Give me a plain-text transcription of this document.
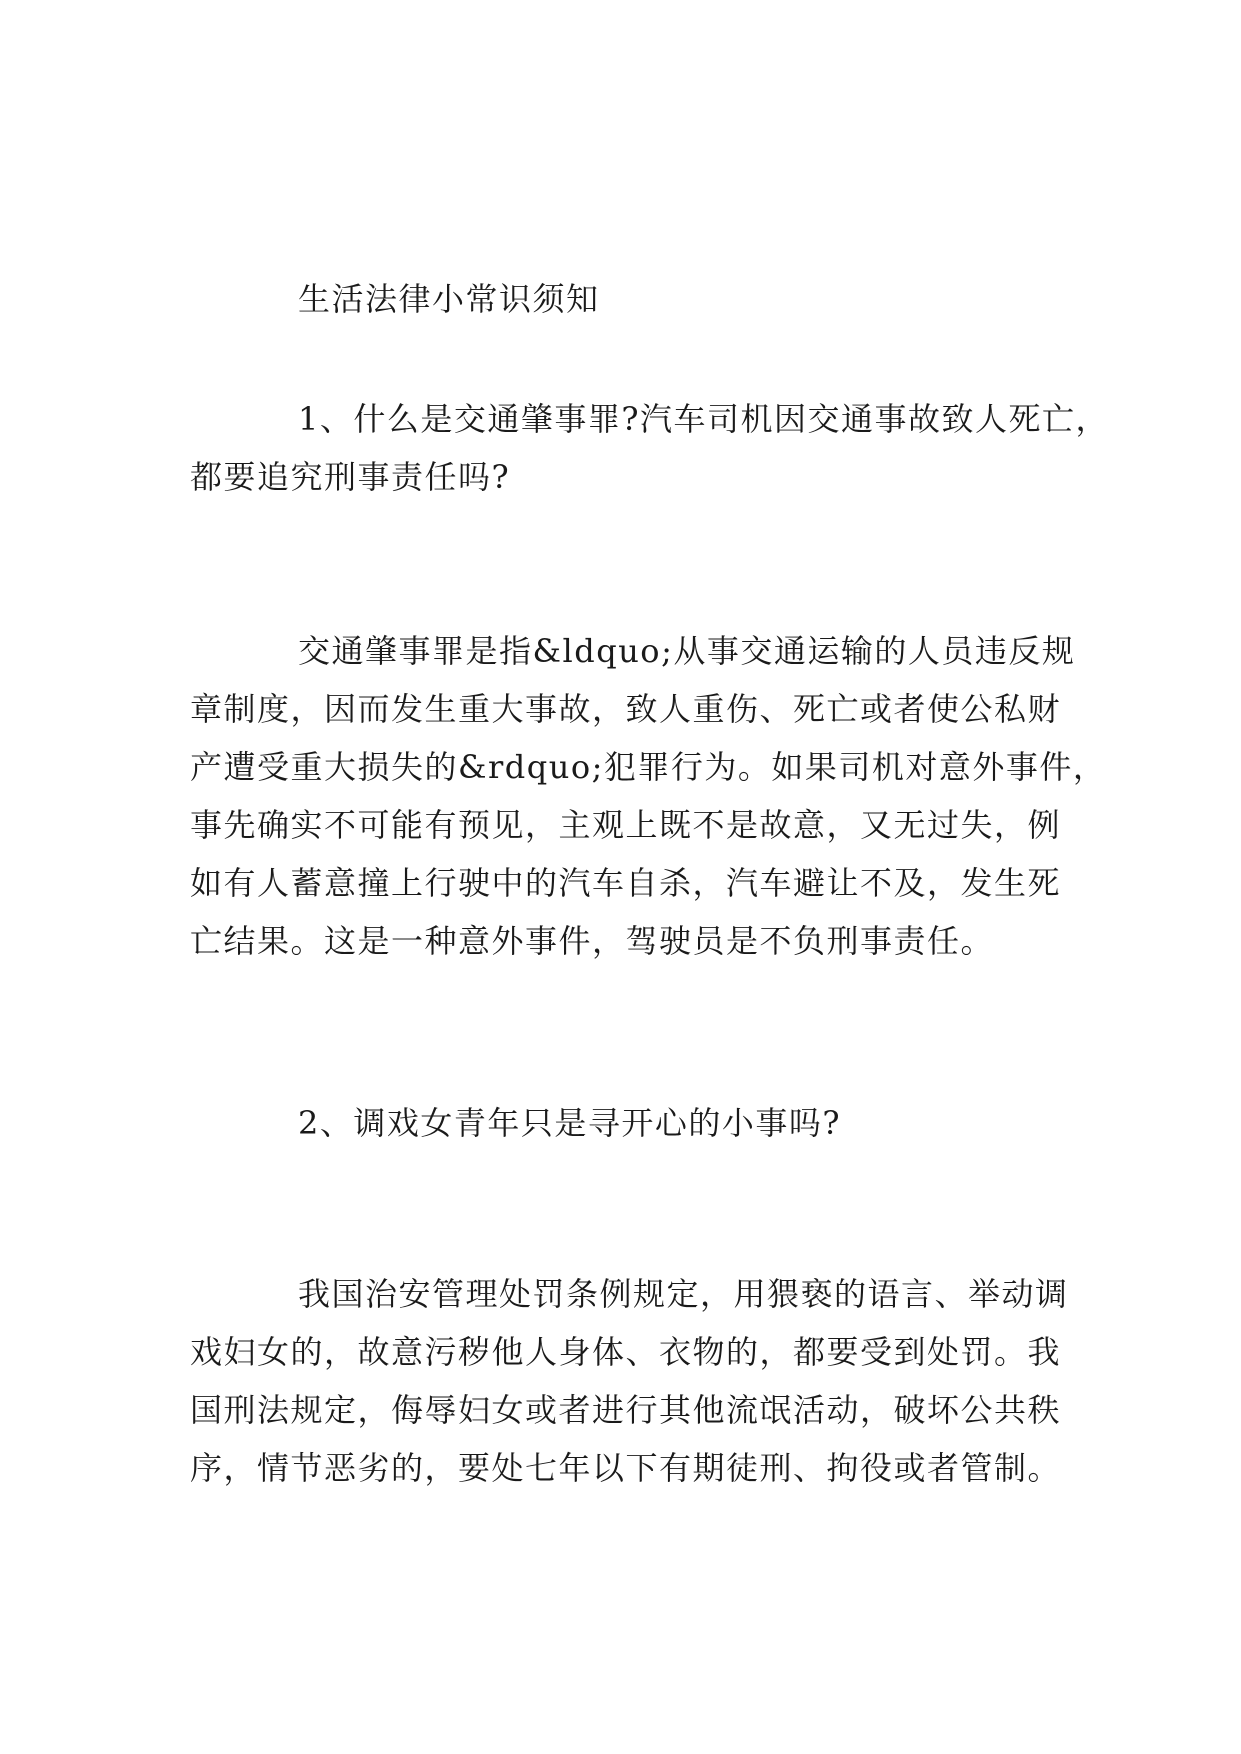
生活法律小常识须知

1、什么是交通肇事罪?汽车司机因交通事故致人死亡，
都要追究刑事责任吗?

交通肇事罪是指&ldquo;从事交通运输的人员违反规
章制度，因而发生重大事故，致人重伤、死亡或者使公私财
产遭受重大损失的&rdquo;犯罪行为。如果司机对意外事件，
事先确实不可能有预见，主观上既不是故意，又无过失，例
如有人蓄意撞上行驶中的汽车自杀，汽车避让不及，发生死
亡结果。这是一种意外事件，驾驶员是不负刑事责任。

2、调戏女青年只是寻开心的小事吗?

我国治安管理处罚条例规定，用猥亵的语言、举动调
戏妇女的，故意污秽他人身体、衣物的，都要受到处罚。我
国刑法规定，侮辱妇女或者进行其他流氓活动，破坏公共秩
序，情节恶劣的，要处七年以下有期徒刑、拘役或者管制。
